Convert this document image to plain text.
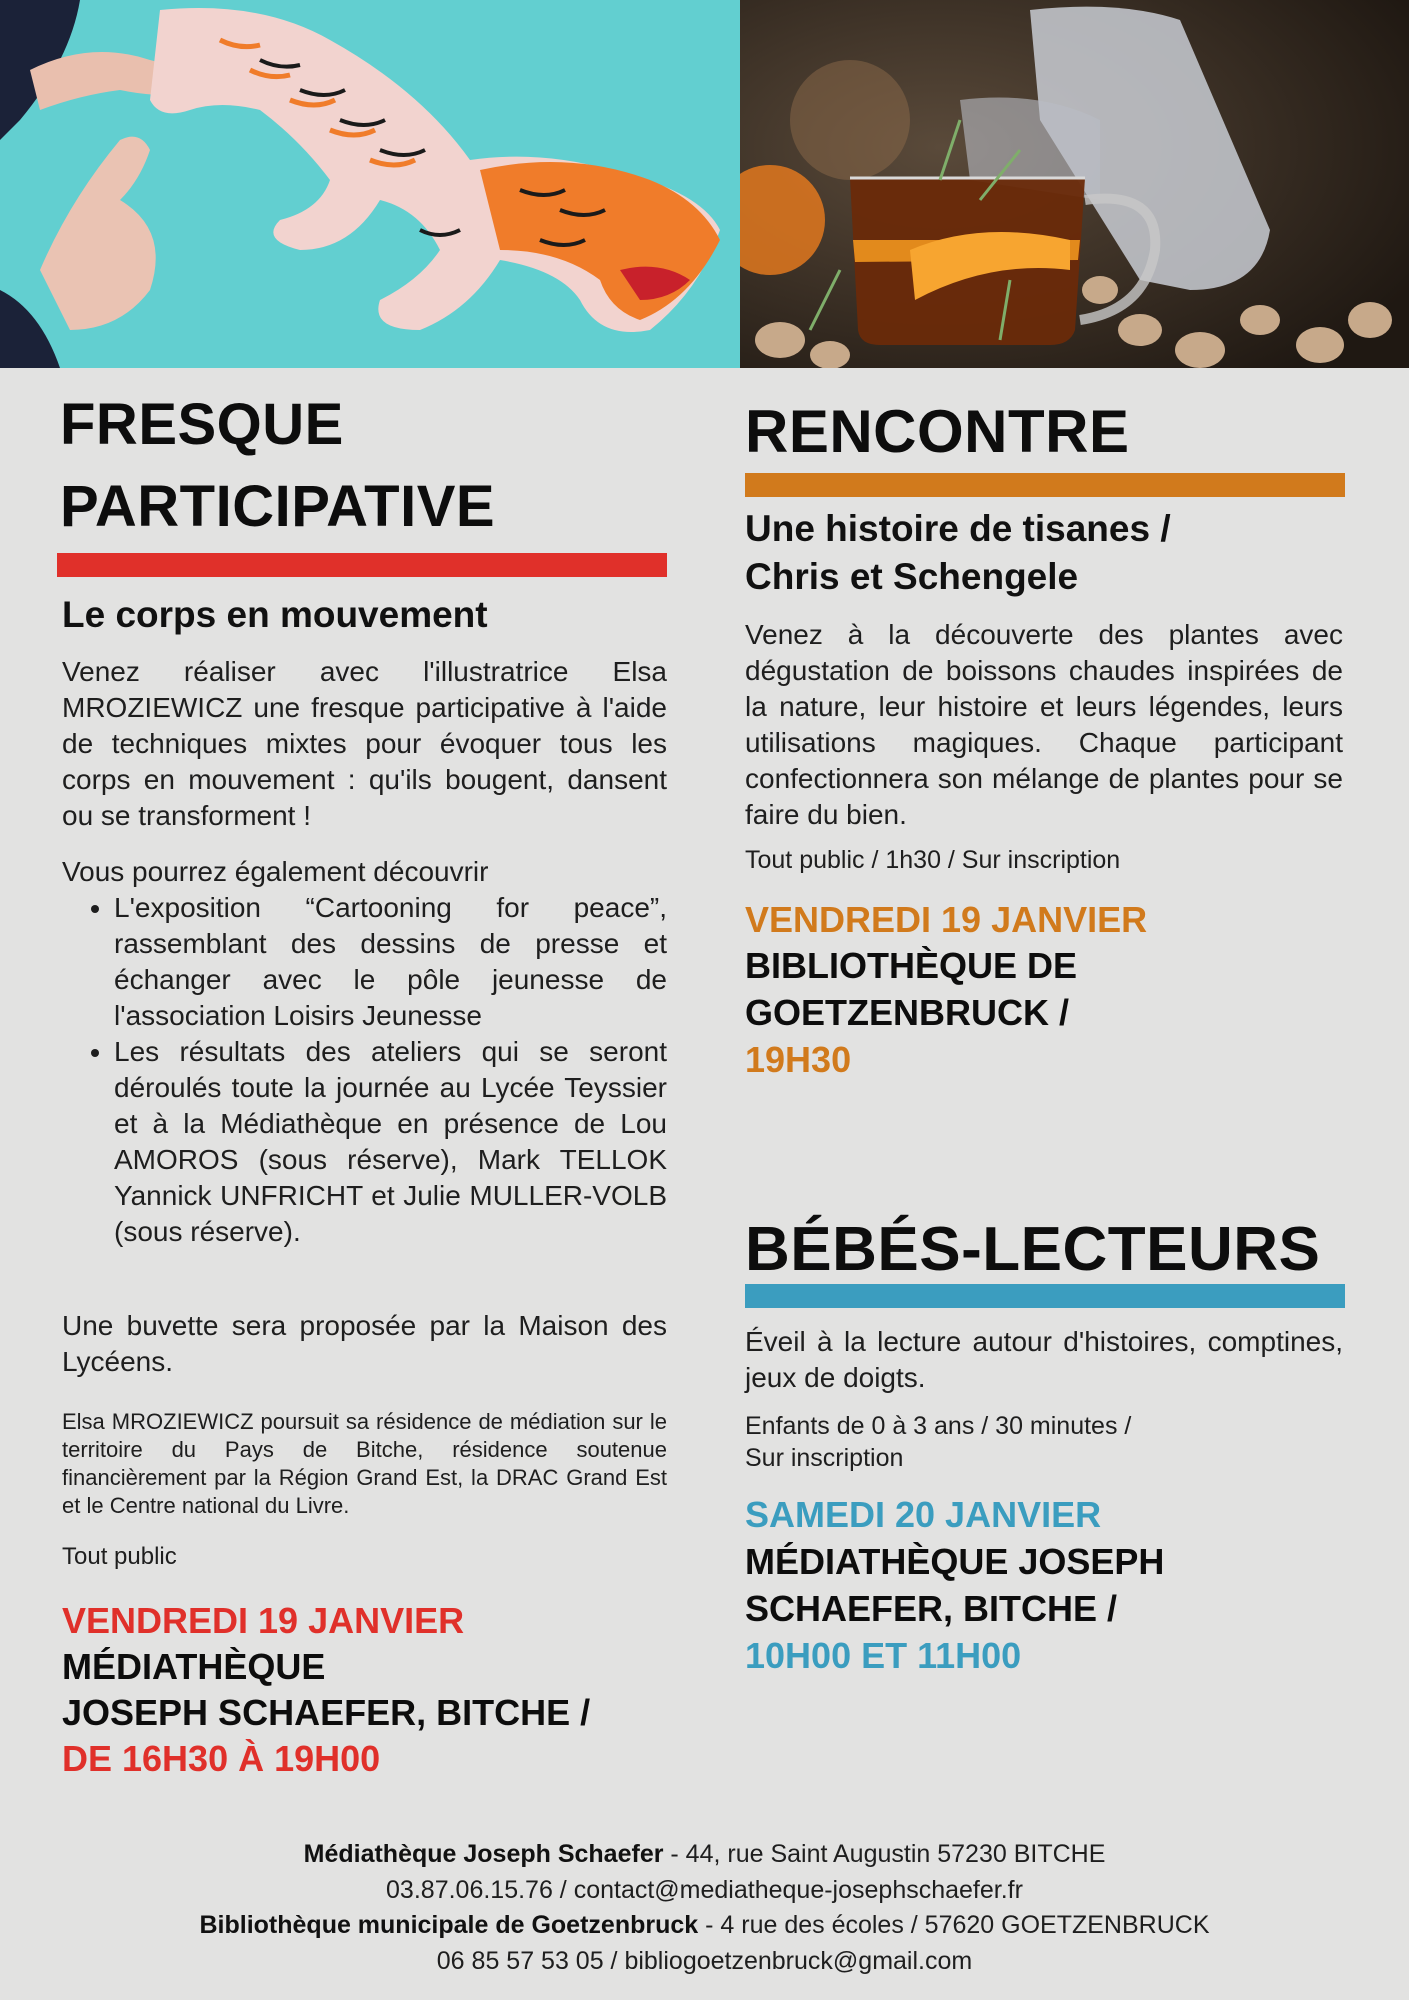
FRESQUE
PARTICIPATIVE
Le corps en mouvement
Venez réaliser avec l'illustratrice Elsa MROZIEWICZ une fresque participative à l'aide de techniques mixtes pour évoquer tous les corps en mouvement : qu'ils bougent, dansent ou se transforment !
Vous pourrez également découvrir
• L'exposition “Cartooning for peace”, rassemblant des dessins de presse et échanger avec le pôle jeunesse de l'association Loisirs Jeunesse
• Les résultats des ateliers qui se seront déroulés toute la journée au Lycée Teyssier et à la Médiathèque en présence de Lou AMOROS (sous réserve), Mark TELLOK Yannick UNFRICHT et Julie MULLER-VOLB (sous réserve).
Une buvette sera proposée par la Maison des Lycéens.
Elsa MROZIEWICZ poursuit sa résidence de médiation sur le territoire du Pays de Bitche, résidence soutenue financièrement par la Région Grand Est, la DRAC Grand Est et le Centre national du Livre.
Tout public
VENDREDI 19 JANVIER
MÉDIATHÈQUE
JOSEPH SCHAEFER, BITCHE /
DE 16H30 À 19H00
RENCONTRE
Une histoire de tisanes /
Chris et Schengele
Venez à la découverte des plantes avec dégustation de boissons chaudes inspirées de la nature, leur histoire et leurs légendes, leurs utilisations magiques. Chaque participant confectionnera son mélange de plantes pour se faire du bien.
Tout public / 1h30 / Sur inscription
VENDREDI 19 JANVIER
BIBLIOTHÈQUE DE
GOETZENBRUCK /
19H30
BÉBÉS-LECTEURS
Éveil à la lecture autour d'histoires, comptines, jeux de doigts.
Enfants de 0 à 3 ans / 30 minutes /
Sur inscription
SAMEDI 20 JANVIER
MÉDIATHÈQUE JOSEPH
SCHAEFER, BITCHE /
10H00 ET 11H00
Médiathèque Joseph Schaefer - 44, rue Saint Augustin 57230 BITCHE
03.87.06.15.76 / contact@mediatheque-josephschaefer.fr
Bibliothèque municipale de Goetzenbruck - 4 rue des écoles / 57620 GOETZENBRUCK
06 85 57 53 05 / bibliogoetzenbruck@gmail.com
